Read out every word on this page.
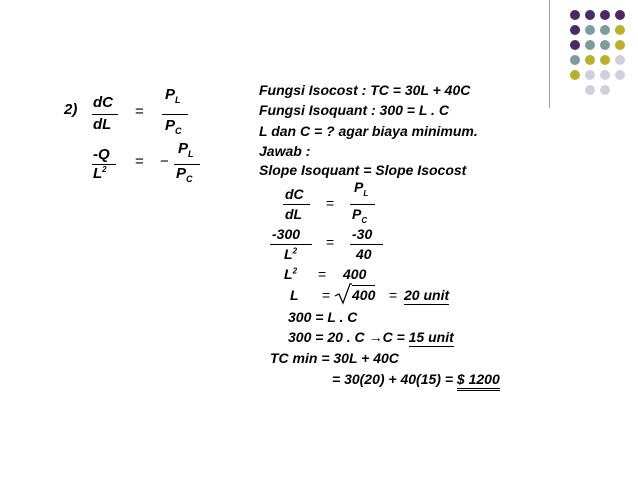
2) dC
dL
=
$P_L$
$P_C$
-Q
$L^2$ = −
$P_L$
$P_C$
Fungsi Isocost : TC = 30L + 40C
Fungsi Isoquant : 300 = L . C
L dan C = ? agar biaya minimum.
Jawab :
Slope Isoquant = Slope Isocost
dC
dL
=
$P_L$
$P_C$
-300
$L^2$
= -30
40
$L^2 = 400$
L = 400 = 20 unit
300 = L . C
300 = 20 . C →C = 15 unit
TC min = 30L + 40C
= 30(20) + 40(15) = $ 1200
